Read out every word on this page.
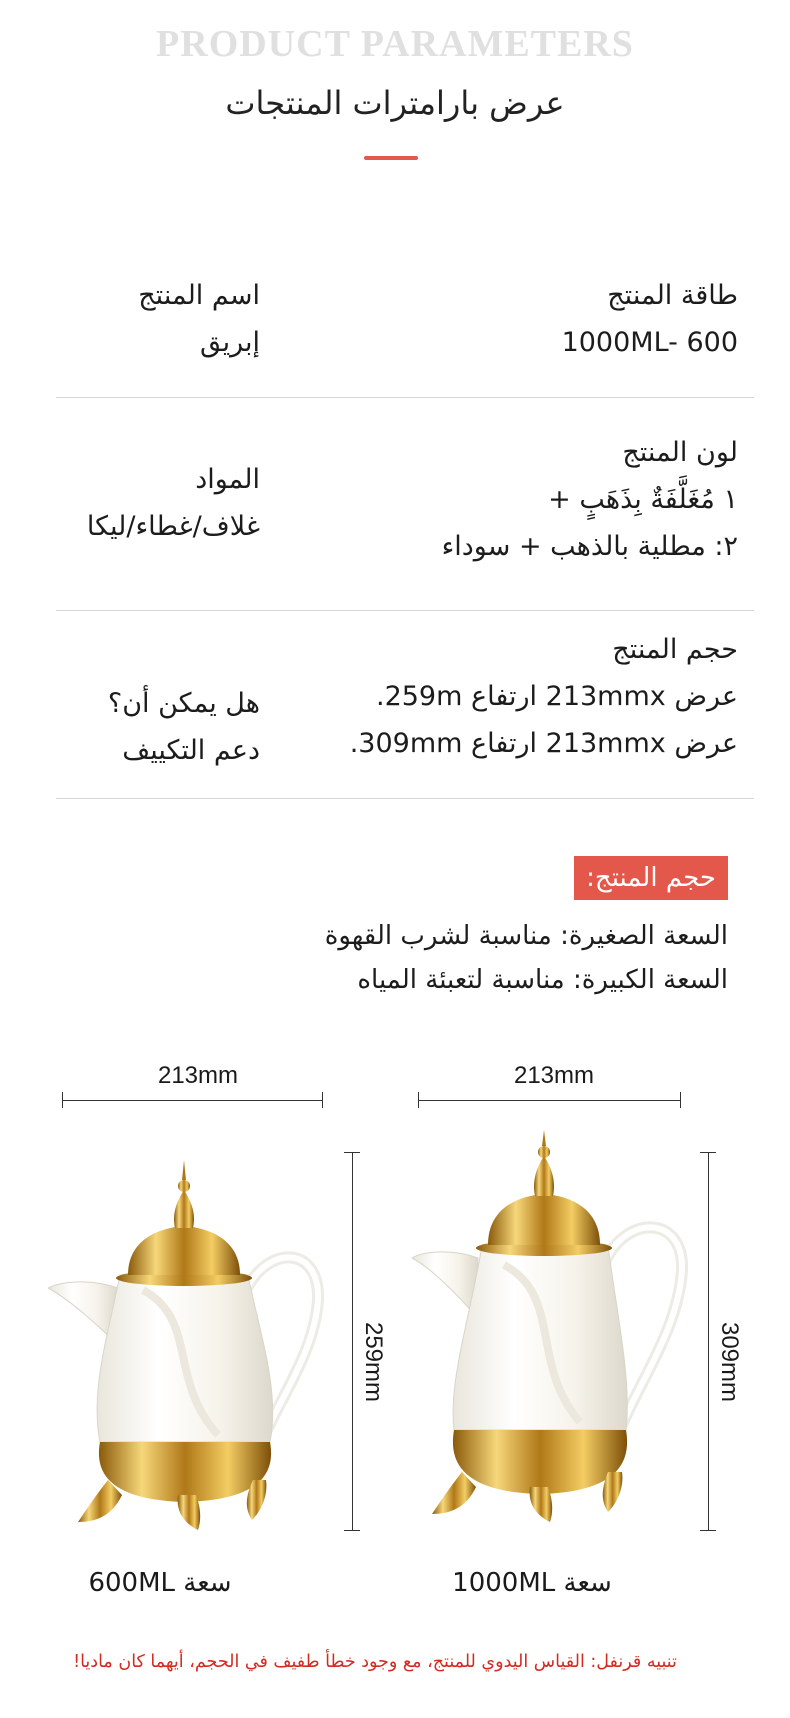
PRODUCT PARAMETERS
عرض بارامترات المنتجات
طاقة المنتج
1000ML- 600
اسم المنتج
إبريق
لون المنتج
١ مُغَلَّفَةٌ بِذَهَبٍ +
٢: مطلية بالذهب + سوداء
المواد
غلاف/غطاء/ليكا
حجم المنتج
عرض 213mmx ارتفاع 259m.
عرض 213mmx ارتفاع 309mm.
هل يمكن أن؟
دعم التكييف
حجم المنتج:
السعة الصغيرة: مناسبة لشرب القهوة
السعة الكبيرة: مناسبة لتعبئة المياه
213mm
259mm
213mm
309mm
سعة 600ML	سعة 1000ML
تنبيه قرنفل: القياس اليدوي للمنتج، مع وجود خطأ طفيف في الحجم، أيهما كان ماديا!
